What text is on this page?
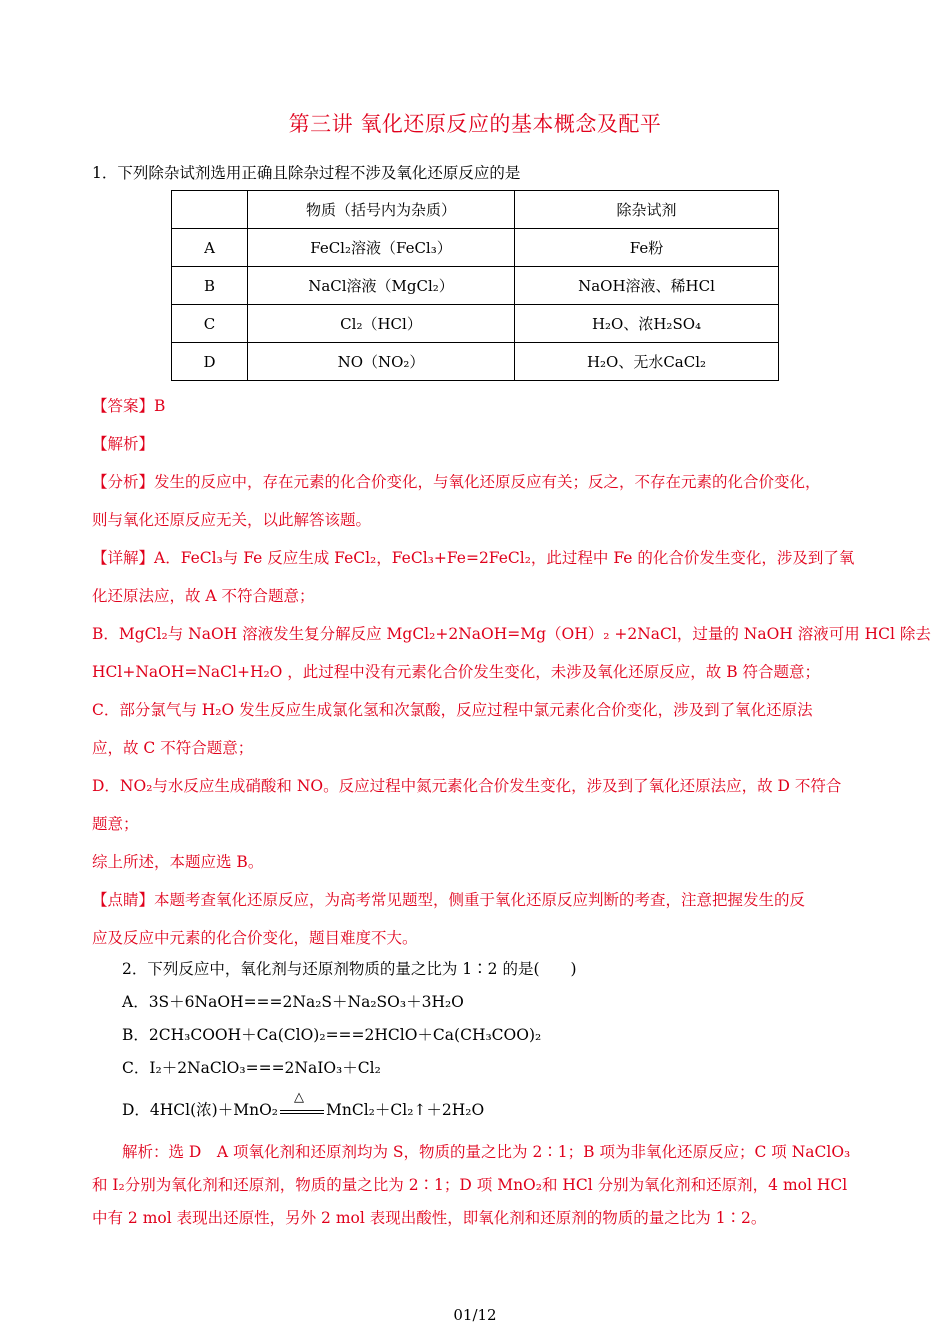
第三讲 氧化还原反应的基本概念及配平
1．下列除杂试剂选用正确且除杂过程不涉及氧化还原反应的是
	物质（括号内为杂质）	除杂试剂
A	FeCl₂溶液（FeCl₃）	Fe粉
B	NaCl溶液（MgCl₂）	NaOH溶液、稀HCl
C	Cl₂（HCl）	H₂O、浓H₂SO₄
D	NO（NO₂）	H₂O、无水CaCl₂
【答案】B
【解析】
【分析】发生的反应中，存在元素的化合价变化，与氧化还原反应有关；反之，不存在元素的化合价变化，
则与氧化还原反应无关，以此解答该题。
【详解】A．FeCl₃与 Fe 反应生成 FeCl₂，FeCl₃+Fe=2FeCl₂，此过程中 Fe 的化合价发生变化，涉及到了氧
化还原法应，故 A 不符合题意；
B．MgCl₂与 NaOH 溶液发生复分解反应 MgCl₂+2NaOH=Mg（OH）₂ +2NaCl，过量的 NaOH 溶液可用 HCl 除去
HCl+NaOH=NaCl+H₂O ，此过程中没有元素化合价发生变化，未涉及氧化还原反应，故 B 符合题意；
C．部分氯气与 H₂O 发生反应生成氯化氢和次氯酸，反应过程中氯元素化合价变化，涉及到了氧化还原法
应，故 C 不符合题意；
D．NO₂与水反应生成硝酸和 NO。反应过程中氮元素化合价发生变化，涉及到了氧化还原法应，故 D 不符合
题意；
综上所述，本题应选 B。
【点睛】本题考查氧化还原反应，为高考常见题型，侧重于氧化还原反应判断的考查，注意把握发生的反
应及反应中元素的化合价变化，题目难度不大。
2．下列反应中，氧化剂与还原剂物质的量之比为 1∶2 的是(　　)
A．3S＋6NaOH===2Na₂S＋Na₂SO₃＋3H₂O
B．2CH₃COOH＋Ca(ClO)₂===2HClO＋Ca(CH₃COO)₂
C．I₂＋2NaClO₃===2NaIO₃＋Cl₂
D．4HCl(浓)＋MnO₂
△
MnCl₂＋Cl₂↑＋2H₂O
解析：选 D　A 项氧化剂和还原剂均为 S，物质的量之比为 2∶1；B 项为非氧化还原反应；C 项 NaClO₃
和 I₂分别为氧化剂和还原剂，物质的量之比为 2∶1；D 项 MnO₂和 HCl 分别为氧化剂和还原剂，4 mol HCl
中有 2 mol 表现出还原性，另外 2 mol 表现出酸性，即氧化剂和还原剂的物质的量之比为 1∶2。
01/12
